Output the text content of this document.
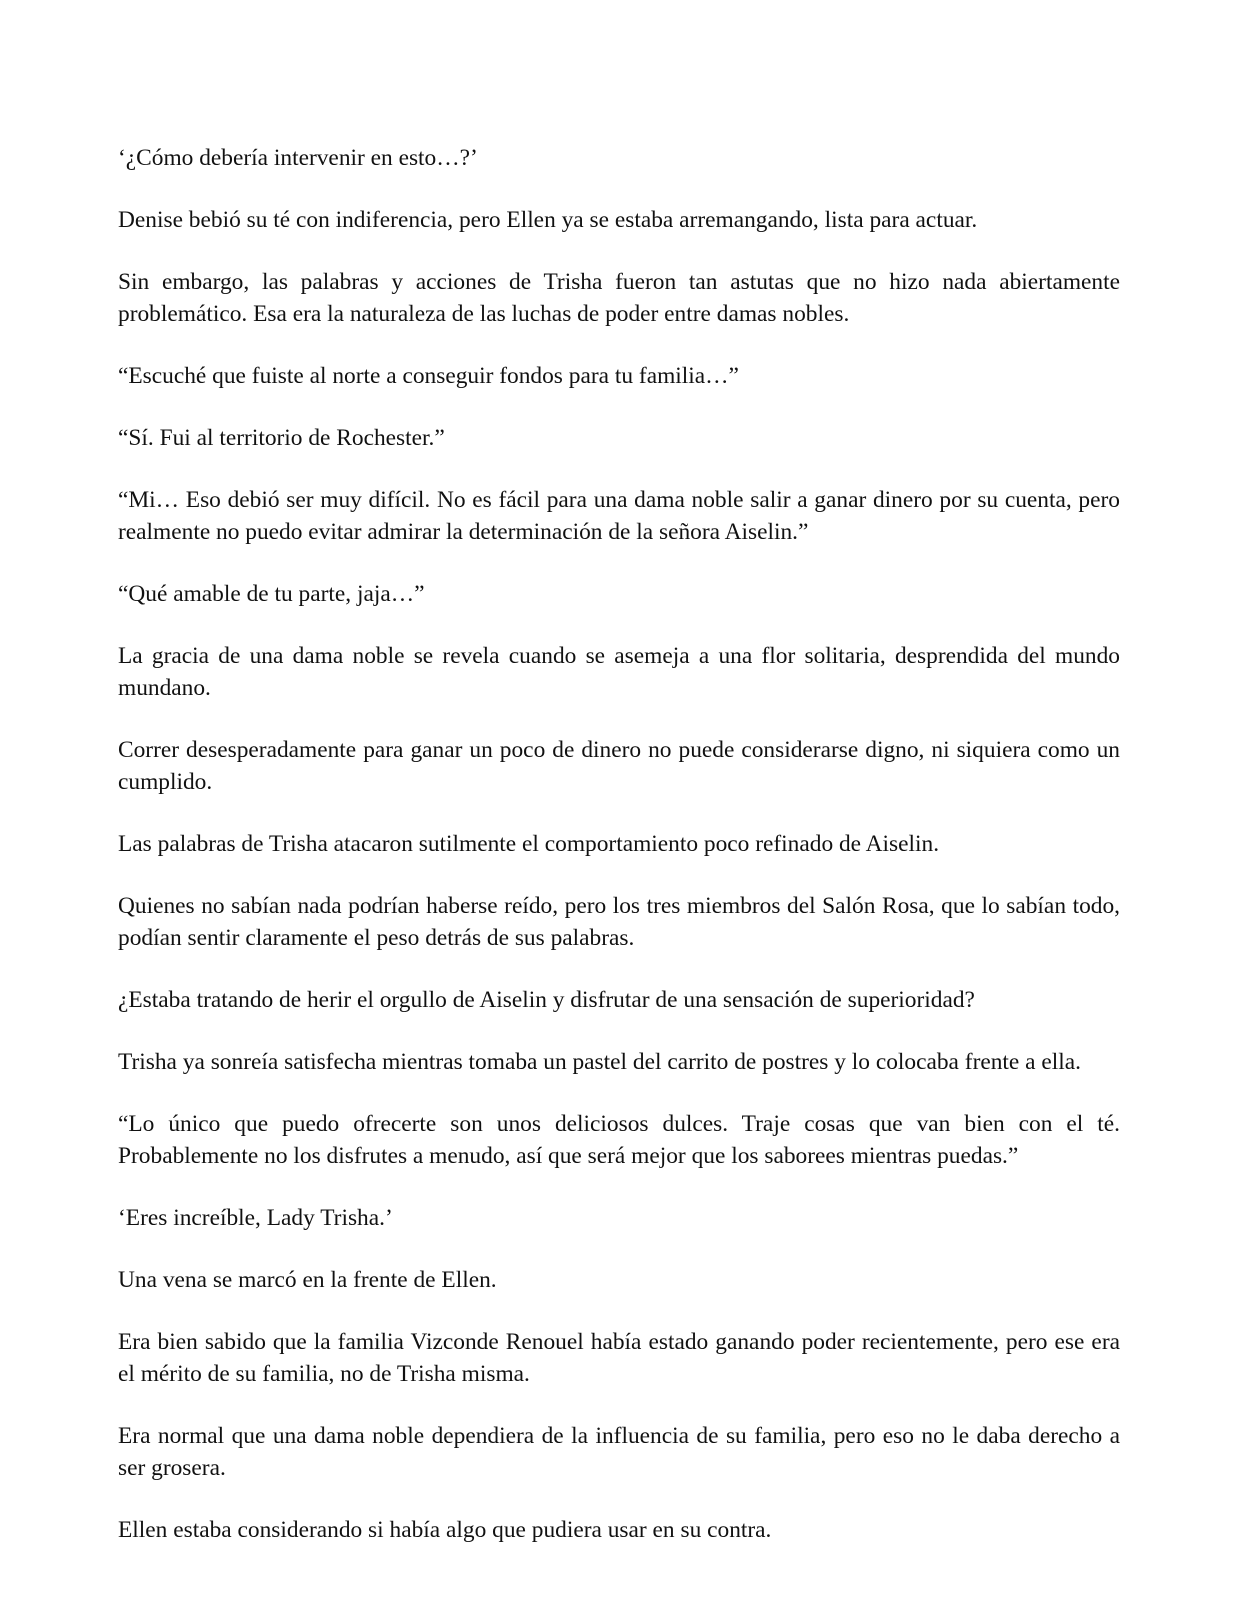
‘¿Cómo debería intervenir en esto…?’

Denise bebió su té con indiferencia, pero Ellen ya se estaba arremangando, lista para actuar.

Sin embargo, las palabras y acciones de Trisha fueron tan astutas que no hizo nada abiertamente problemático. Esa era la naturaleza de las luchas de poder entre damas nobles.

“Escuché que fuiste al norte a conseguir fondos para tu familia…”

“Sí. Fui al territorio de Rochester.”

“Mi… Eso debió ser muy difícil. No es fácil para una dama noble salir a ganar dinero por su cuenta, pero realmente no puedo evitar admirar la determinación de la señora Aiselin.”

“Qué amable de tu parte, jaja…”

La gracia de una dama noble se revela cuando se asemeja a una flor solitaria, desprendida del mundo mundano.

Correr desesperadamente para ganar un poco de dinero no puede considerarse digno, ni siquiera como un cumplido.

Las palabras de Trisha atacaron sutilmente el comportamiento poco refinado de Aiselin.

Quienes no sabían nada podrían haberse reído, pero los tres miembros del Salón Rosa, que lo sabían todo, podían sentir claramente el peso detrás de sus palabras.

¿Estaba tratando de herir el orgullo de Aiselin y disfrutar de una sensación de superioridad?

Trisha ya sonreía satisfecha mientras tomaba un pastel del carrito de postres y lo colocaba frente a ella.

“Lo único que puedo ofrecerte son unos deliciosos dulces. Traje cosas que van bien con el té. Probablemente no los disfrutes a menudo, así que será mejor que los saborees mientras puedas.”

‘Eres increíble, Lady Trisha.’

Una vena se marcó en la frente de Ellen.

Era bien sabido que la familia Vizconde Renouel había estado ganando poder recientemente, pero ese era el mérito de su familia, no de Trisha misma.

Era normal que una dama noble dependiera de la influencia de su familia, pero eso no le daba derecho a ser grosera.

Ellen estaba considerando si había algo que pudiera usar en su contra.
